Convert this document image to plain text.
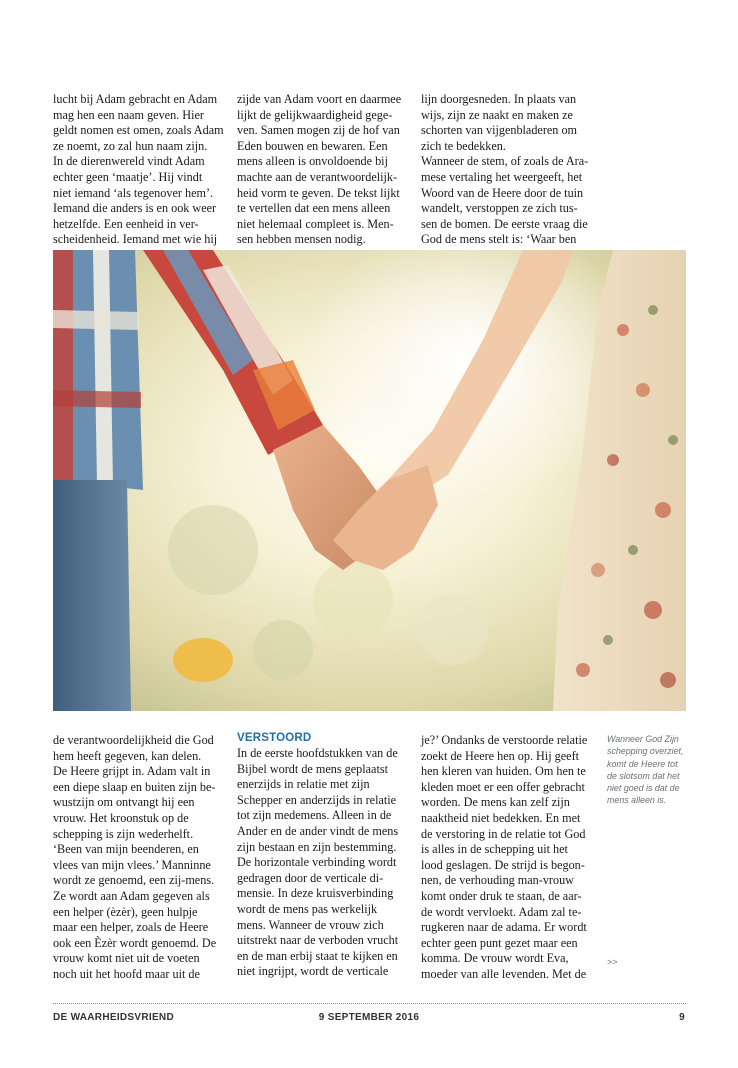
lucht bij Adam gebracht en Adam
mag hen een naam geven. Hier
geldt nomen est omen, zoals Adam
ze noemt, zo zal hun naam zijn.
In de dierenwereld vindt Adam
echter geen ‘maatje’. Hij vindt
niet iemand ‘als tegenover hem’.
Iemand die anders is en ook weer
hetzelfde. Een eenheid in ver-
scheidenheid. Iemand met wie hij

zijde van Adam voort en daarmee
lijkt de gelijkwaardigheid gege-
ven. Samen mogen zij de hof van
Eden bouwen en bewaren. Een
mens alleen is onvoldoende bij
machte aan de verantwoordelijk-
heid vorm te geven. De tekst lijkt
te vertellen dat een mens alleen
niet helemaal compleet is. Men-
sen hebben mensen nodig.

lijn doorgesneden. In plaats van
wijs, zijn ze naakt en maken ze
schorten van vijgenbladeren om
zich te bedekken.
Wanneer de stem, of zoals de Ara-
mese vertaling het weergeeft, het
Woord van de Heere door de tuin
wandelt, verstoppen ze zich tus-
sen de bomen. De eerste vraag die
God de mens stelt is: ‘Waar ben

de verantwoordelijkheid die God
hem heeft gegeven, kan delen.
De Heere grijpt in. Adam valt in
een diepe slaap en buiten zijn be-
wustzijn om ontvangt hij een
vrouw. Het kroonstuk op de
schepping is zijn wederhelft.
‘Been van mijn beenderen, en
vlees van mijn vlees.’ Manninne
wordt ze genoemd, een zij-mens.
Ze wordt aan Adam gegeven als
een helper (èzèr), geen hulpje
maar een helper, zoals de Heere
ook een Èzèr wordt genoemd. De
vrouw komt niet uit de voeten
noch uit het hoofd maar uit de

VERSTOORD

In de eerste hoofdstukken van de
Bijbel wordt de mens geplaatst
enerzijds in relatie met zijn
Schepper en anderzijds in relatie
tot zijn medemens. Alleen in de
Ander en de ander vindt de mens
zijn bestaan en zijn bestemming.
De horizontale verbinding wordt
gedragen door de verticale di-
mensie. In deze kruisverbinding
wordt de mens pas werkelijk
mens. Wanneer de vrouw zich
uitstrekt naar de verboden vrucht
en de man erbij staat te kijken en
niet ingrijpt, wordt de verticale

je?’ Ondanks de verstoorde relatie
zoekt de Heere hen op. Hij geeft
hen kleren van huiden. Om hen te
kleden moet er een offer gebracht
worden. De mens kan zelf zijn
naaktheid niet bedekken. En met
de verstoring in de relatie tot God
is alles in de schepping uit het
lood geslagen. De strijd is begon-
nen, de verhouding man-vrouw
komt onder druk te staan, de aar-
de wordt vervloekt. Adam zal te-
rugkeren naar de adama. Er wordt
echter geen punt gezet maar een
komma. De vrouw wordt Eva,
moeder van alle levenden. Met de

Wanneer God Zijn
schepping overziet,
komt de Heere tot
de slotsom dat het
niet goed is dat de
mens alleen is.
>>
DE WAARHEIDSVRIEND	9 SEPTEMBER 2016	9
